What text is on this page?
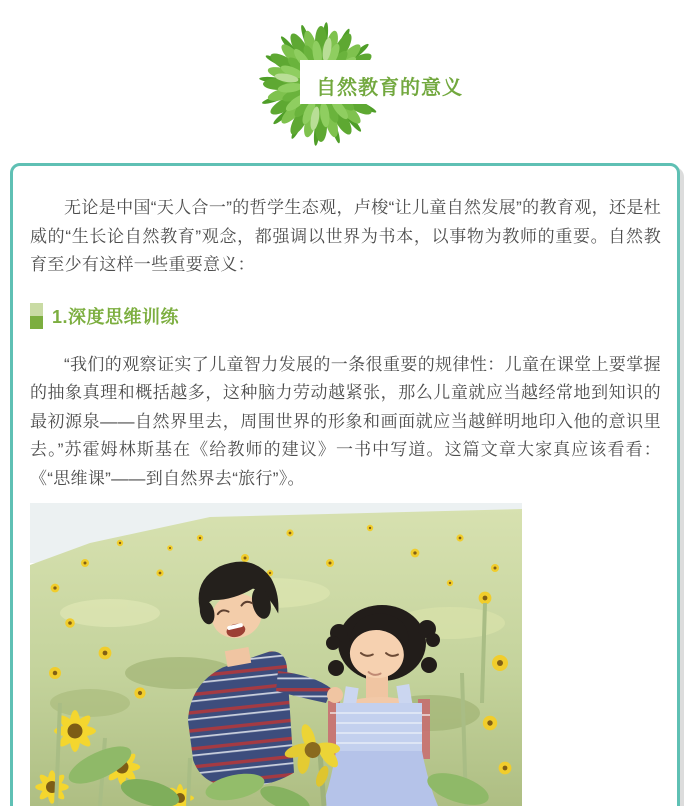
自然教育的意义

无论是中国“天人合一”的哲学生态观，卢梭“让儿童自然发展”的教育观，还是杜威的“生长论自然教育”观念，都强调以世界为书本，以事物为教师的重要。自然教育至少有这样一些重要意义：

1.深度思维训练

“我们的观察证实了儿童智力发展的一条很重要的规律性：儿童在课堂上要掌握的抽象真理和概括越多，这种脑力劳动越紧张，那么儿童就应当越经常地到知识的最初源泉——自然界里去，周围世界的形象和画面就应当越鲜明地印入他的意识里去。”苏霍姆林斯基在《给教师的建议》一书中写道。这篇文章大家真应该看看：《“思维课”——到自然界去“旅行”》。
